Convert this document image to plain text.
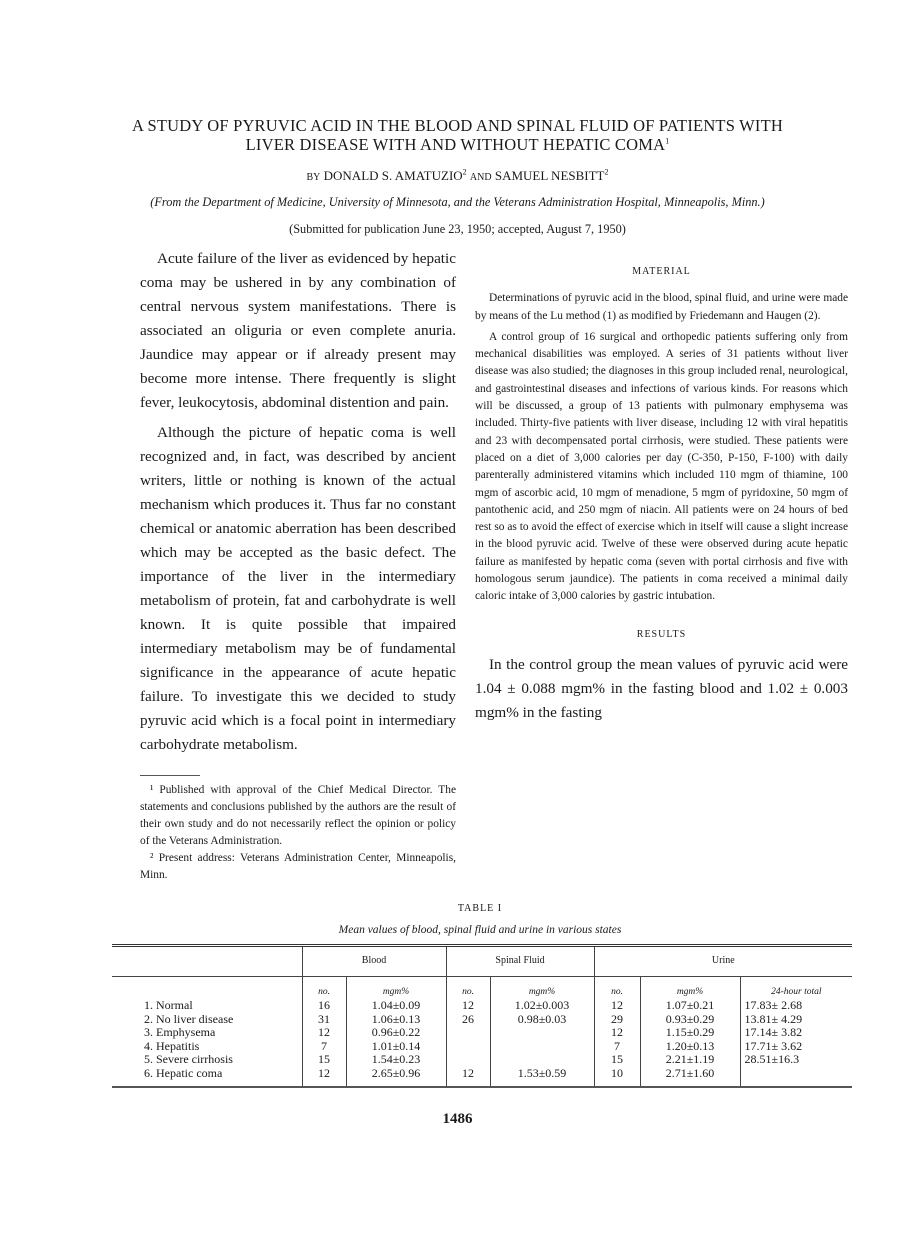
A STUDY OF PYRUVIC ACID IN THE BLOOD AND SPINAL FLUID OF PATIENTS WITH LIVER DISEASE WITH AND WITHOUT HEPATIC COMA$^1$
BY DONALD S. AMATUZIO$^2$ AND SAMUEL NESBITT$^2$
(From the Department of Medicine, University of Minnesota, and the Veterans Administration Hospital, Minneapolis, Minn.)
(Submitted for publication June 23, 1950; accepted, August 7, 1950)

Acute failure of the liver as evidenced by hepatic coma may be ushered in by any combination of central nervous system manifestations. There is associated an oliguria or even complete anuria. Jaundice may appear or if already present may become more intense. There frequently is slight fever, leukocytosis, abdominal distention and pain.

Although the picture of hepatic coma is well recognized and, in fact, was described by ancient writers, little or nothing is known of the actual mechanism which produces it. Thus far no constant chemical or anatomic aberration has been described which may be accepted as the basic defect. The importance of the liver in the intermediary metabolism of protein, fat and carbohydrate is well known. It is quite possible that impaired intermediary metabolism may be of fundamental significance in the appearance of acute hepatic failure. To investigate this we decided to study pyruvic acid which is a focal point in intermediary carbohydrate metabolism.

¹ Published with approval of the Chief Medical Director. The statements and conclusions published by the authors are the result of their own study and do not necessarily reflect the opinion or policy of the Veterans Administration.

² Present address: Veterans Administration Center, Minneapolis, Minn.

MATERIAL

Determinations of pyruvic acid in the blood, spinal fluid, and urine were made by means of the Lu method (1) as modified by Friedemann and Haugen (2).

A control group of 16 surgical and orthopedic patients suffering only from mechanical disabilities was employed. A series of 31 patients without liver disease was also studied; the diagnoses in this group included renal, neurological, and gastrointestinal diseases and infections of various kinds. For reasons which will be discussed, a group of 13 patients with pulmonary emphysema was included. Thirty-five patients with liver disease, including 12 with viral hepatitis and 23 with decompensated portal cirrhosis, were studied. These patients were placed on a diet of 3,000 calories per day (C-350, P-150, F-100) with daily parenterally administered vitamins which included 110 mgm of thiamine, 100 mgm of ascorbic acid, 10 mgm of menadione, 5 mgm of pyridoxine, 50 mgm of pantothenic acid, and 250 mgm of niacin. All patients were on 24 hours of bed rest so as to avoid the effect of exercise which in itself will cause a slight increase in the blood pyruvic acid. Twelve of these were observed during acute hepatic failure as manifested by hepatic coma (seven with portal cirrhosis and five with homologous serum jaundice). The patients in coma received a minimal daily caloric intake of 3,000 calories by gastric intubation.

RESULTS

In the control group the mean values of pyruvic acid were 1.04 ± 0.088 mgm% in the fasting blood and 1.02 ± 0.003 mgm% in the fasting

TABLE I
Mean values of blood, spinal fluid and urine in various states
	Blood		Spinal Fluid		Urine		
	no.	mgm%	no.	mgm%	no.	mgm%	24-hour total
1. Normal	16	1.04±0.09	12	1.02±0.003	12	1.07±0.21	17.83± 2.68
2. No liver disease	31	1.06±0.13	26	0.98±0.03	29	0.93±0.29	13.81± 4.29
3. Emphysema	12	0.96±0.22			12	1.15±0.29	17.14± 3.82
4. Hepatitis	7	1.01±0.14			7	1.20±0.13	17.71± 3.62
5. Severe cirrhosis	15	1.54±0.23			15	2.21±1.19	28.51±16.3
6. Hepatic coma	12	2.65±0.96	12	1.53±0.59	10	2.71±1.60	
1486
